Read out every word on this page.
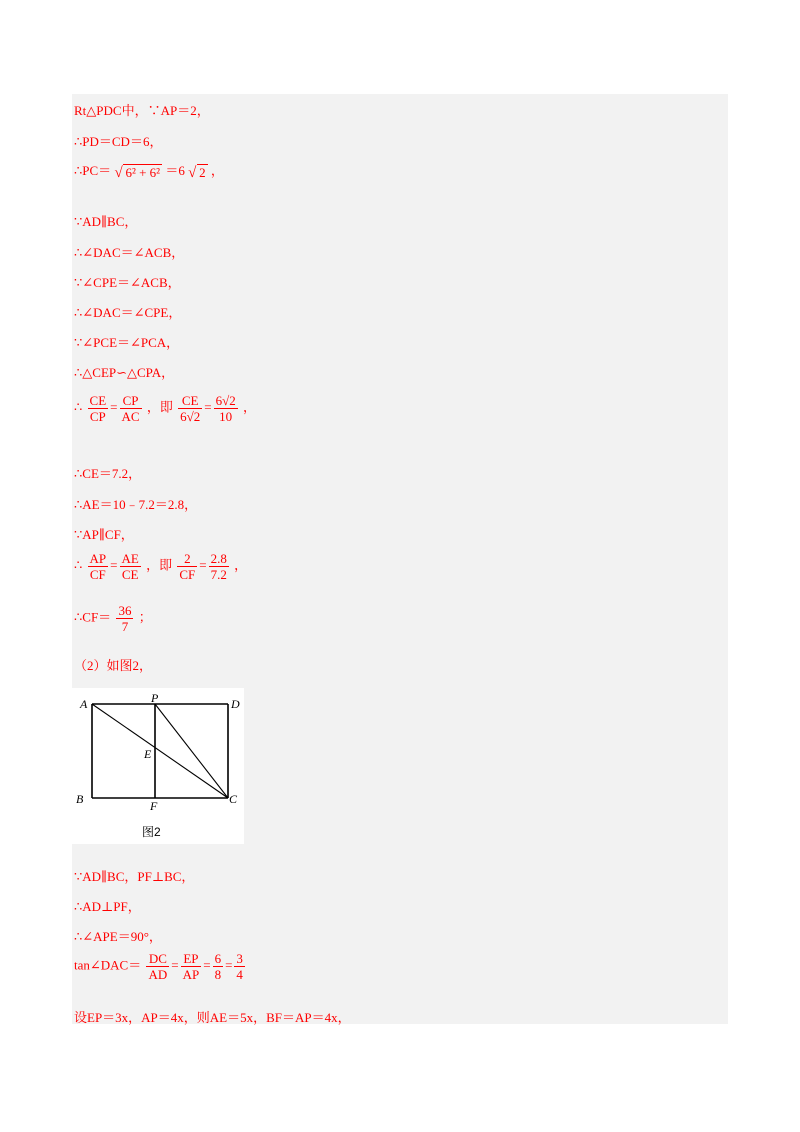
Rt△PDC中，∵AP＝2，
∴PD＝CD＝6，
∴PC＝ √ 6² + 6² ＝6 √ 2 ，
∵AD∥BC，
∴∠DAC＝∠ACB，
∵∠CPE＝∠ACB，
∴∠DAC＝∠CPE，
∵∠PCE＝∠PCA，
∴△CEP∽△CPA，
∴ $\frac{CE}{CP} = \frac{CP}{AC}$ ，即 $\frac{CE}{6√2} = \frac{6√2}{10}$ ，
∴CE＝7.2，
∴AE＝10﹣7.2＝2.8，
∵AP∥CF，
∴ $\frac{AP}{CF} = \frac{AE}{CE}$ ，即 $\frac{2}{CF} = \frac{2.8}{7.2}$ ，
∴CF＝ $\frac{36}{7}$ ；
（2）如图2，
A	P	D
E
B	F	C
图2
∵AD∥BC，PF⊥BC，
∴AD⊥PF，
∴∠APE＝90°，
tan∠DAC＝ $\frac{DC}{AD} = \frac{EP}{AP} = \frac{6}{8} = \frac{3}{4}$
设EP＝3x，AP＝4x，则AE＝5x，BF＝AP＝4x，
